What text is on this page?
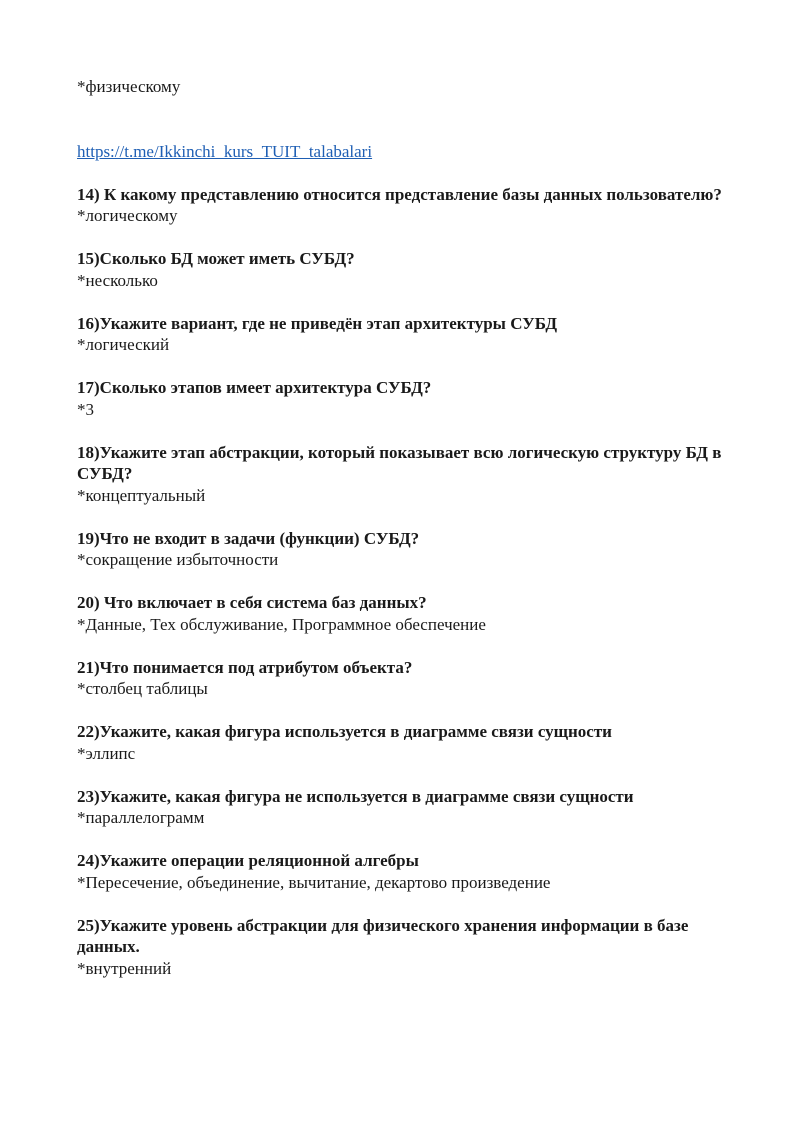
*физическому

https://t.me/Ikkinchi_kurs_TUIT_talabalari

14) К какому представлению относится представление базы данных пользователю?

*логическому

15)Сколько БД может иметь СУБД?

*несколько

16)Укажите вариант, где не приведён этап архитектуры СУБД

*логический

17)Сколько этапов имеет архитектура СУБД?

*3

18)Укажите этап абстракции, который показывает всю логическую структуру БД в СУБД?

*концептуальный

19)Что не входит в задачи (функции) СУБД?

*сокращение избыточности

20) Что включает в себя система баз данных?

*Данные, Тех обслуживание, Программное обеспечение

21)Что понимается под атрибутом объекта?

*столбец таблицы

22)Укажите, какая фигура используется в диаграмме связи сущности

*эллипс

23)Укажите, какая фигура не используется в диаграмме связи сущности

*параллелограмм

24)Укажите операции реляционной алгебры

*Пересечение, объединение, вычитание, декартово произведение

25)Укажите уровень абстракции для физического хранения информации в базе данных.

*внутренний
